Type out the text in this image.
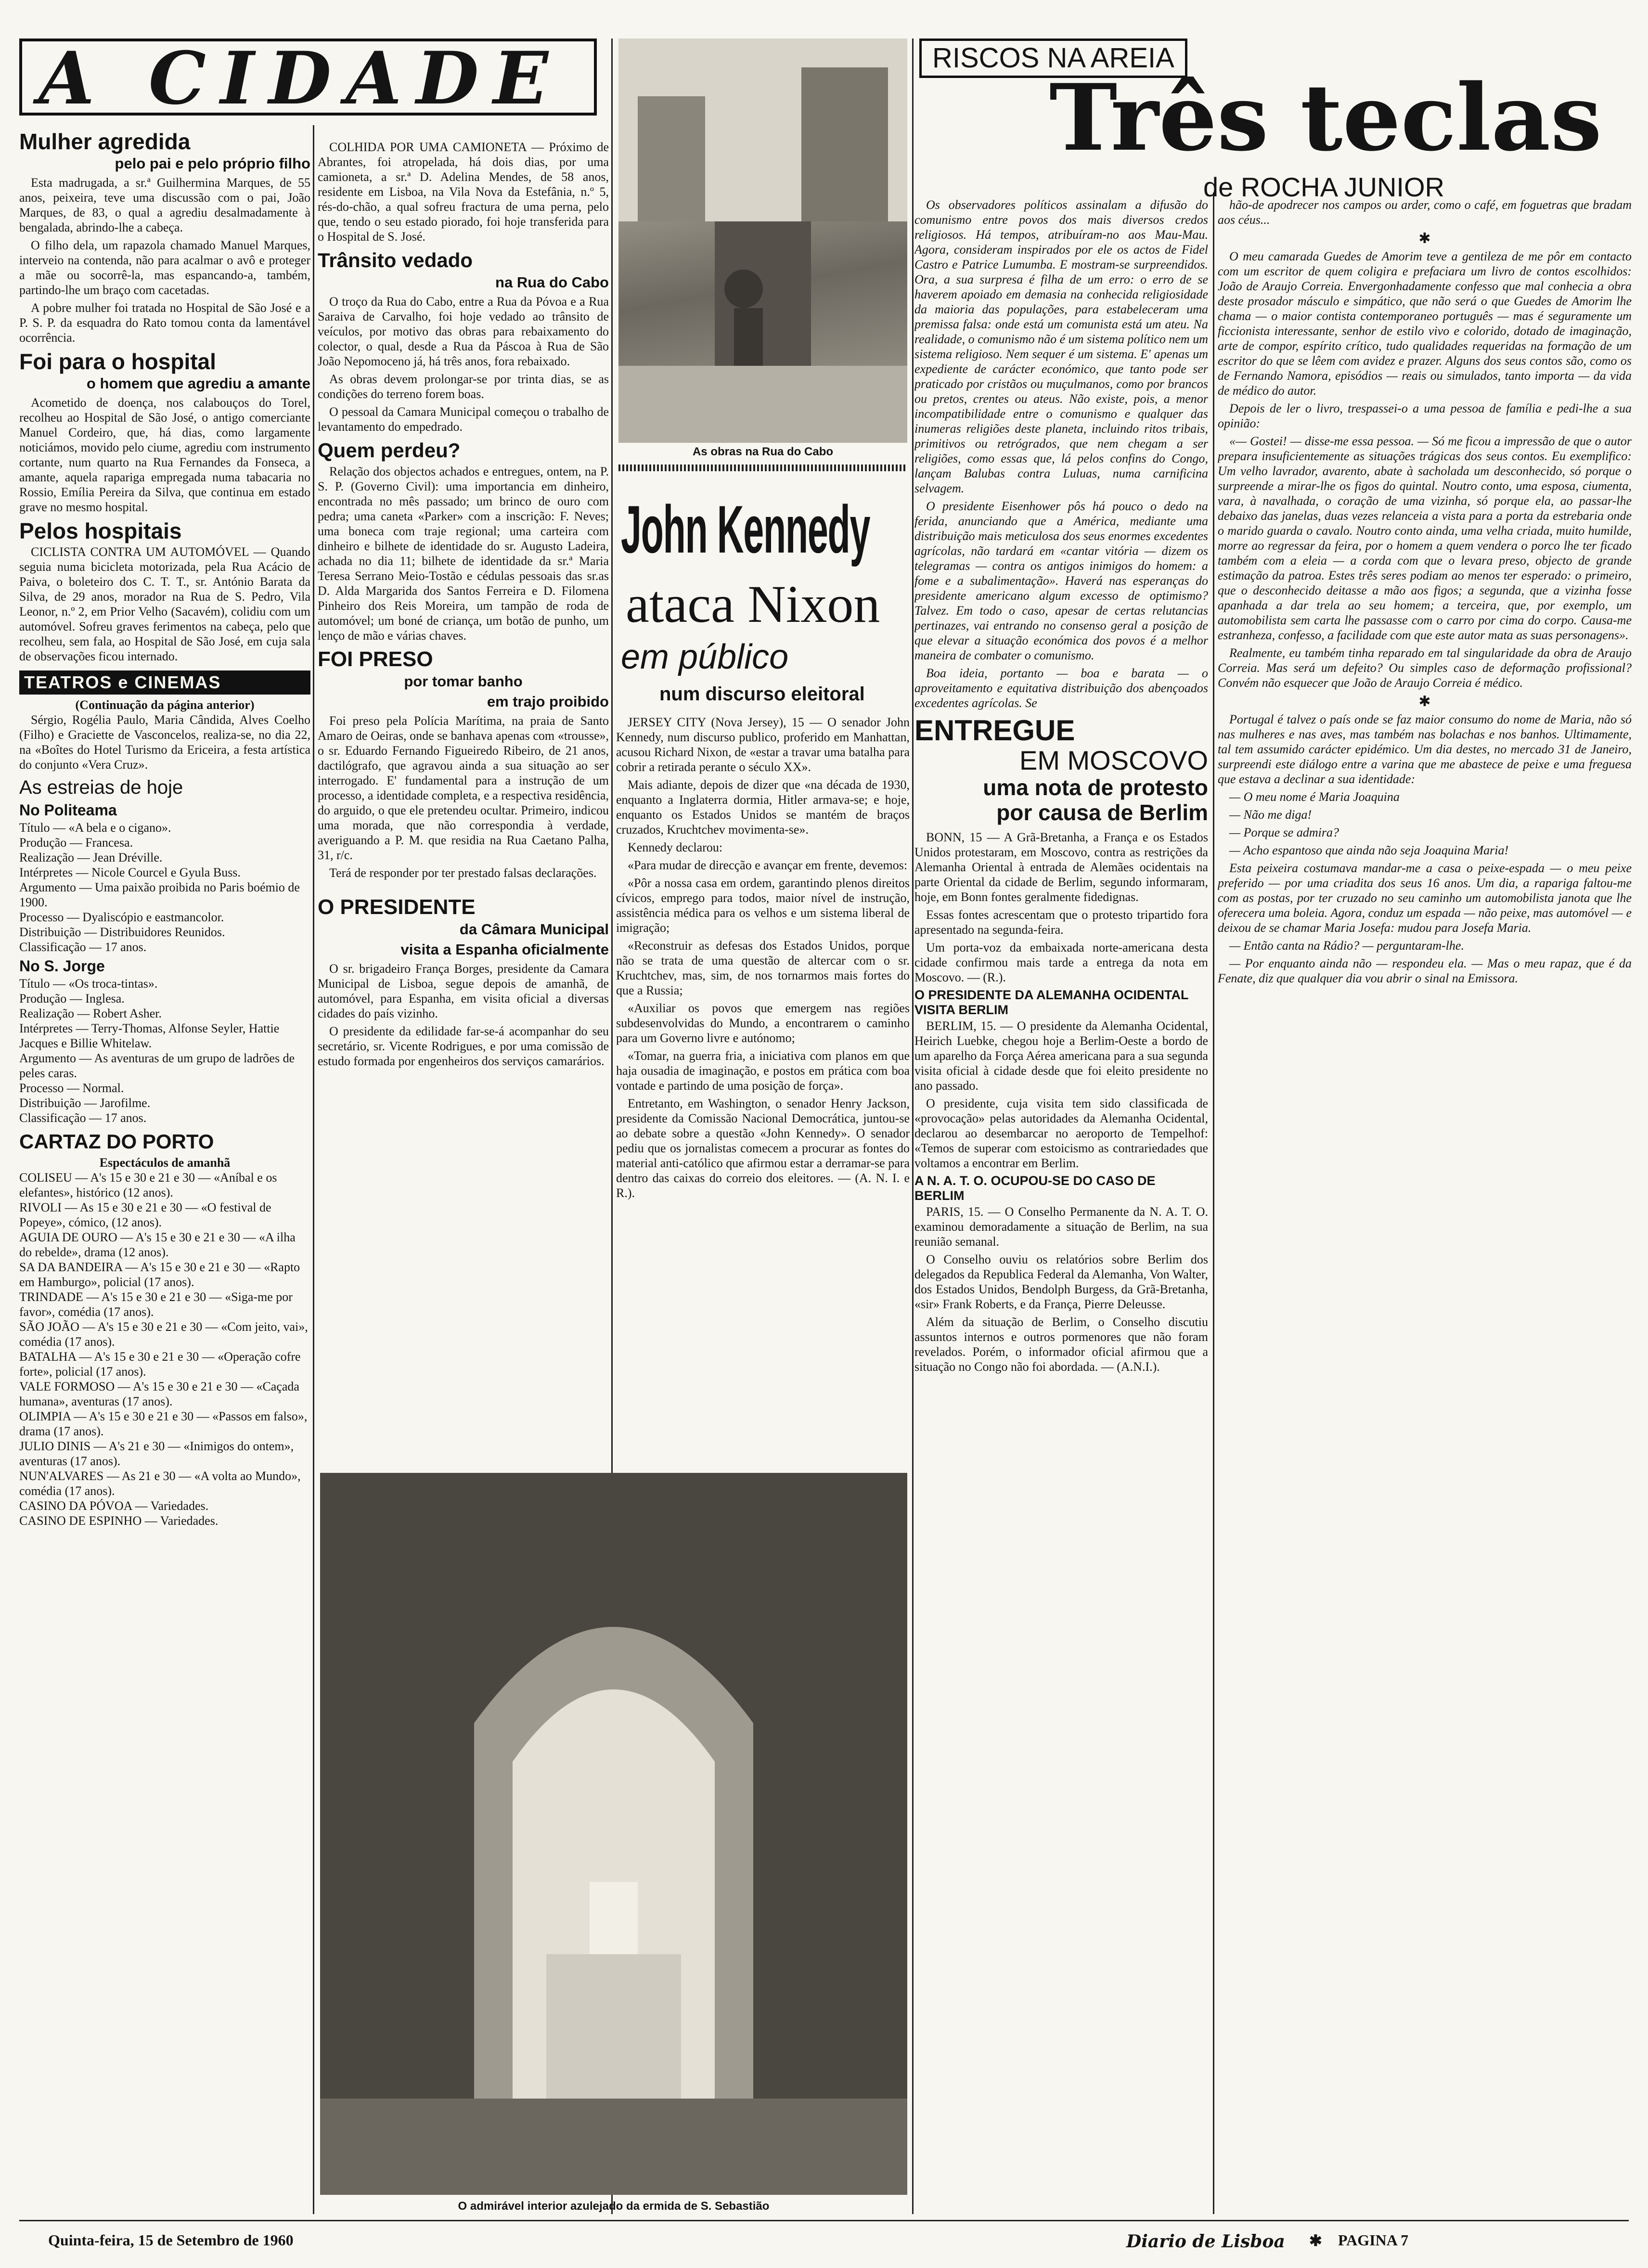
A CIDADE
As obras na Rua do Cabo
O admirável interior azulejado da ermida de S. Sebastião
Mulher agredida
pelo pai e pelo próprio filho

Esta madrugada, a sr.ª Guilhermina Marques, de 55 anos, peixeira, teve uma discussão com o pai, João Marques, de 83, o qual a agrediu desalmadamente à bengalada, abrindo-lhe a cabeça.

O filho dela, um rapazola chamado Manuel Marques, interveio na contenda, não para acalmar o avô e proteger a mãe ou socorrê-la, mas espancando-a, também, partindo-lhe um braço com cacetadas.

A pobre mulher foi tratada no Hospital de São José e a P. S. P. da esquadra do Rato tomou conta da lamentável ocorrência.

Foi para o hospital
o homem que agrediu a amante

Acometido de doença, nos calabouços do Torel, recolheu ao Hospital de São José, o antigo comerciante Manuel Cordeiro, que, há dias, como largamente noticiámos, movido pelo ciume, agrediu com instrumento cortante, num quarto na Rua Fernandes da Fonseca, a amante, aquela rapariga empregada numa tabacaria no Rossio, Emília Pereira da Silva, que continua em estado grave no mesmo hospital.

Pelos hospitais

CICLISTA CONTRA UM AUTOMÓVEL — Quando seguia numa bicicleta motorizada, pela Rua Acácio de Paiva, o boleteiro dos C. T. T., sr. António Barata da Silva, de 29 anos, morador na Rua de S. Pedro, Vila Leonor, n.º 2, em Prior Velho (Sacavém), colidiu com um automóvel. Sofreu graves ferimentos na cabeça, pelo que recolheu, sem fala, ao Hospital de São José, em cuja sala de observações ficou internado.

TEATROS e CINEMAS
(Continuação da página anterior)

Sérgio, Rogélia Paulo, Maria Cândida, Alves Coelho (Filho) e Graciette de Vasconcelos, realiza-se, no dia 22, na «Boîtes do Hotel Turismo da Ericeira, a festa artística do conjunto «Vera Cruz».

As estreias de hoje
No Politeama
Título — «A bela e o cigano».
Produção — Francesa.
Realização — Jean Dréville.
Intérpretes — Nicole Courcel e Gyula Buss.
Argumento — Uma paixão proibida no Paris boémio de 1900.
Processo — Dyaliscópio e eastmancolor.
Distribuição — Distribuidores Reunidos.
Classificação — 17 anos.
No S. Jorge
Título — «Os troca-tintas».
Produção — Inglesa.
Realização — Robert Asher.
Intérpretes — Terry-Thomas, Alfonse Seyler, Hattie Jacques e Billie Whitelaw.
Argumento — As aventuras de um grupo de ladrões de peles caras.
Processo — Normal.
Distribuição — Jarofilme.
Classificação — 17 anos.
CARTAZ DO PORTO
Espectáculos de amanhã
COLISEU — A's 15 e 30 e 21 e 30 — «Aníbal e os elefantes», histórico (12 anos).
RIVOLI — As 15 e 30 e 21 e 30 — «O festival de Popeye», cómico, (12 anos).
AGUIA DE OURO — A's 15 e 30 e 21 e 30 — «A ilha do rebelde», drama (12 anos).
SA DA BANDEIRA — A's 15 e 30 e 21 e 30 — «Rapto em Hamburgo», policial (17 anos).
TRINDADE — A's 15 e 30 e 21 e 30 — «Siga-me por favor», comédia (17 anos).
SÃO JOÃO — A's 15 e 30 e 21 e 30 — «Com jeito, vai», comédia (17 anos).
BATALHA — A's 15 e 30 e 21 e 30 — «Operação cofre forte», policial (17 anos).
VALE FORMOSO — A's 15 e 30 e 21 e 30 — «Caçada humana», aventuras (17 anos).
OLIMPIA — A's 15 e 30 e 21 e 30 — «Passos em falso», drama (17 anos).
JULIO DINIS — A's 21 e 30 — «Inimigos do ontem», aventuras (17 anos).
NUN'ALVARES — As 21 e 30 — «A volta ao Mundo», comédia (17 anos).
CASINO DA PÓVOA — Variedades.
CASINO DE ESPINHO — Variedades.

COLHIDA POR UMA CAMIONETA — Próximo de Abrantes, foi atropelada, há dois dias, por uma camioneta, a sr.ª D. Adelina Mendes, de 58 anos, residente em Lisboa, na Vila Nova da Estefânia, n.º 5, rés-do-chão, a qual sofreu fractura de uma perna, pelo que, tendo o seu estado piorado, foi hoje transferida para o Hospital de S. José.

Trânsito vedado
na Rua do Cabo

O troço da Rua do Cabo, entre a Rua da Póvoa e a Rua Saraiva de Carvalho, foi hoje vedado ao trânsito de veículos, por motivo das obras para rebaixamento do colector, o qual, desde a Rua da Páscoa à Rua de São João Nepomoceno já, há três anos, fora rebaixado.

As obras devem prolongar-se por trinta dias, se as condições do terreno forem boas.

O pessoal da Camara Municipal começou o trabalho de levantamento do empedrado.

Quem perdeu?

Relação dos objectos achados e entregues, ontem, na P. S. P. (Governo Civil): uma importancia em dinheiro, encontrada no mês passado; um brinco de ouro com pedra; uma caneta «Parker» com a inscrição: F. Neves; uma boneca com traje regional; uma carteira com dinheiro e bilhete de identidade do sr. Augusto Ladeira, achada no dia 11; bilhete de identidade da sr.ª Maria Teresa Serrano Meio-Tostão e cédulas pessoais das sr.as D. Alda Margarida dos Santos Ferreira e D. Filomena Pinheiro dos Reis Moreira, um tampão de roda de automóvel; um boné de criança, um botão de punho, um lenço de mão e várias chaves.

FOI PRESO
por tomar banho
em trajo proibido

Foi preso pela Polícia Marítima, na praia de Santo Amaro de Oeiras, onde se banhava apenas com «trousse», o sr. Eduardo Fernando Figueiredo Ribeiro, de 21 anos, dactilógrafo, que agravou ainda a sua situação ao ser interrogado. E' fundamental para a instrução de um processo, a identidade completa, e a respectiva residência, do arguido, o que ele pretendeu ocultar. Primeiro, indicou uma morada, que não correspondia à verdade, averiguando a P. M. que residia na Rua Caetano Palha, 31, r/c.

Terá de responder por ter prestado falsas declarações.

O PRESIDENTE
da Câmara Municipal
visita a Espanha oficialmente

O sr. brigadeiro França Borges, presidente da Camara Municipal de Lisboa, segue depois de amanhã, de automóvel, para Espanha, em visita oficial a diversas cidades do país vizinho.

O presidente da edilidade far-se-á acompanhar do seu secretário, sr. Vicente Rodrigues, e por uma comissão de estudo formada por engenheiros dos serviços camarários.

John Kennedy
ataca Nixon
em público
num discurso eleitoral

JERSEY CITY (Nova Jersey), 15 — O senador John Kennedy, num discurso publico, proferido em Manhattan, acusou Richard Nixon, de «estar a travar uma batalha para cobrir a retirada perante o século XX».

Mais adiante, depois de dizer que «na década de 1930, enquanto a Inglaterra dormia, Hitler armava-se; e hoje, enquanto os Estados Unidos se mantém de braços cruzados, Kruchtchev movimenta-se».

Kennedy declarou:

«Para mudar de direcção e avançar em frente, devemos:

«Pôr a nossa casa em ordem, garantindo plenos direitos cívicos, emprego para todos, maior nível de instrução, assistência médica para os velhos e um sistema liberal de imigração;

«Reconstruir as defesas dos Estados Unidos, porque não se trata de uma questão de altercar com o sr. Kruchtchev, mas, sim, de nos tornarmos mais fortes do que a Russia;

«Auxiliar os povos que emergem nas regiões subdesenvolvidas do Mundo, a encontrarem o caminho para um Governo livre e autónomo;

«Tomar, na guerra fria, a iniciativa com planos em que haja ousadia de imaginação, e postos em prática com boa vontade e partindo de uma posição de força».

Entretanto, em Washington, o senador Henry Jackson, presidente da Comissão Nacional Democrática, juntou-se ao debate sobre a questão «John Kennedy». O senador pediu que os jornalistas comecem a procurar as fontes do material anti-católico que afirmou estar a derramar-se para dentro das caixas do correio dos eleitores. — (A. N. I. e R.).

RISCOS NA AREIA
Três teclas
de ROCHA JUNIOR

Os observadores políticos assinalam a difusão do comunismo entre povos dos mais diversos credos religiosos. Há tempos, atribuíram-no aos Mau-Mau. Agora, consideram inspirados por ele os actos de Fidel Castro e Patrice Lumumba. E mostram-se surpreendidos. Ora, a sua surpresa é filha de um erro: o erro de se haverem apoiado em demasia na conhecida religiosidade da maioria das populações, para estabeleceram uma premissa falsa: onde está um comunista está um ateu. Na realidade, o comunismo não é um sistema político nem um sistema religioso. Nem sequer é um sistema. E' apenas um expediente de carácter económico, que tanto pode ser praticado por cristãos ou muçulmanos, como por brancos ou pretos, crentes ou ateus. Não existe, pois, a menor incompatibilidade entre o comunismo e qualquer das inumeras religiões deste planeta, incluindo ritos tribais, primitivos ou retrógrados, que nem chegam a ser religiões, como essas que, lá pelos confins do Congo, lançam Balubas contra Luluas, numa carnificina selvagem.

O presidente Eisenhower pôs há pouco o dedo na ferida, anunciando que a América, mediante uma distribuição mais meticulosa dos seus enormes excedentes agrícolas, não tardará em «cantar vitória — dizem os telegramas — contra os antigos inimigos do homem: a fome e a subalimentação». Haverá nas esperanças do presidente americano algum excesso de optimismo? Talvez. Em todo o caso, apesar de certas relutancias pertinazes, vai entrando no consenso geral a posição de que elevar a situação económica dos povos é a melhor maneira de combater o comunismo.

Boa ideia, portanto — boa e barata — o aproveitamento e equitativa distribuição dos abençoados excedentes agrícolas. Se

ENTREGUE
EM MOSCOVO
uma nota de protesto
por causa de Berlim

BONN, 15 — A Grã-Bretanha, a França e os Estados Unidos protestaram, em Moscovo, contra as restrições da Alemanha Oriental à entrada de Alemães ocidentais na parte Oriental da cidade de Berlim, segundo informaram, hoje, em Bonn fontes geralmente fidedignas.

Essas fontes acrescentam que o protesto tripartido fora apresentado na segunda-feira.

Um porta-voz da embaixada norte-americana desta cidade confirmou mais tarde a entrega da nota em Moscovo. — (R.).

O PRESIDENTE DA ALEMANHA OCIDENTAL VISITA BERLIM

BERLIM, 15. — O presidente da Alemanha Ocidental, Heirich Luebke, chegou hoje a Berlim-Oeste a bordo de um aparelho da Força Aérea americana para a sua segunda visita oficial à cidade desde que foi eleito presidente no ano passado.

O presidente, cuja visita tem sido classificada de «provocação» pelas autoridades da Alemanha Ocidental, declarou ao desembarcar no aeroporto de Tempelhof: «Temos de superar com estoicismo as contrariedades que voltamos a encontrar em Berlim.

A N. A. T. O. OCUPOU-SE DO CASO DE BERLIM

PARIS, 15. — O Conselho Permanente da N. A. T. O. examinou demoradamente a situação de Berlim, na sua reunião semanal.

O Conselho ouviu os relatórios sobre Berlim dos delegados da Republica Federal da Alemanha, Von Walter, dos Estados Unidos, Bendolph Burgess, da Grã-Bretanha, «sir» Frank Roberts, e da França, Pierre Deleusse.

Além da situação de Berlim, o Conselho discutiu assuntos internos e outros pormenores que não foram revelados. Porém, o informador oficial afirmou que a situação no Congo não foi abordada. — (A.N.I.).

hão-de apodrecer nos campos ou arder, como o café, em foguetras que bradam aos céus...

✱

O meu camarada Guedes de Amorim teve a gentileza de me pôr em contacto com um escritor de quem coligira e prefaciara um livro de contos escolhidos: João de Araujo Correia. Envergonhadamente confesso que mal conhecia a obra deste prosador másculo e simpático, que não será o que Guedes de Amorim lhe chama — o maior contista contemporaneo português — mas é seguramente um ficcionista interessante, senhor de estilo vivo e colorido, dotado de imaginação, arte de compor, espírito crítico, tudo qualidades requeridas na formação de um escritor do que se lêem com avidez e prazer. Alguns dos seus contos são, como os de Fernando Namora, episódios — reais ou simulados, tanto importa — da vida de médico do autor.

Depois de ler o livro, trespassei-o a uma pessoa de família e pedi-lhe a sua opinião:

«— Gostei! — disse-me essa pessoa. — Só me ficou a impressão de que o autor prepara insuficientemente as situações trágicas dos seus contos. Eu exemplifico: Um velho lavrador, avarento, abate à sacholada um desconhecido, só porque o surpreende a mirar-lhe os figos do quintal. Noutro conto, uma esposa, ciumenta, vara, à navalhada, o coração de uma vizinha, só porque ela, ao passar-lhe debaixo das janelas, duas vezes relanceia a vista para a porta da estrebaria onde o marido guarda o cavalo. Noutro conto ainda, uma velha criada, muito humilde, morre ao regressar da feira, por o homem a quem vendera o porco lhe ter ficado também com a eleia — a corda com que o levara preso, objecto de grande estimação da patroa. Estes três seres podiam ao menos ter esperado: o primeiro, que o desconhecido deitasse a mão aos figos; a segunda, que a vizinha fosse apanhada a dar trela ao seu homem; a terceira, que, por exemplo, um automobilista sem carta lhe passasse com o carro por cima do corpo. Causa-me estranheza, confesso, a facilidade com que este autor mata as suas personagens».

Realmente, eu também tinha reparado em tal singularidade da obra de Araujo Correia. Mas será um defeito? Ou simples caso de deformação profissional? Convém não esquecer que João de Araujo Correia é médico.

✱

Portugal é talvez o país onde se faz maior consumo do nome de Maria, não só nas mulheres e nas aves, mas também nas bolachas e nos banhos. Ultimamente, tal tem assumido carácter epidémico. Um dia destes, no mercado 31 de Janeiro, surpreendi este diálogo entre a varina que me abastece de peixe e uma freguesa que estava a declinar a sua identidade:

— O meu nome é Maria Joaquina

— Não me diga!

— Porque se admira?

— Acho espantoso que ainda não seja Joaquina Maria!

Esta peixeira costumava mandar-me a casa o peixe-espada — o meu peixe preferido — por uma criadita dos seus 16 anos. Um dia, a rapariga faltou-me com as postas, por ter cruzado no seu caminho um automobilista janota que lhe oferecera uma boleia. Agora, conduz um espada — não peixe, mas automóvel — e deixou de se chamar Maria Josefa: mudou para Josefa Maria.

— Então canta na Rádio? — perguntaram-lhe.

— Por enquanto ainda não — respondeu ela. — Mas o meu rapaz, que é da Fenate, diz que qualquer dia vou abrir o sinal na Emissora.

Quinta-feira, 15 de Setembro de 1960	Diario de Lisboa ✱ PAGINA 7
